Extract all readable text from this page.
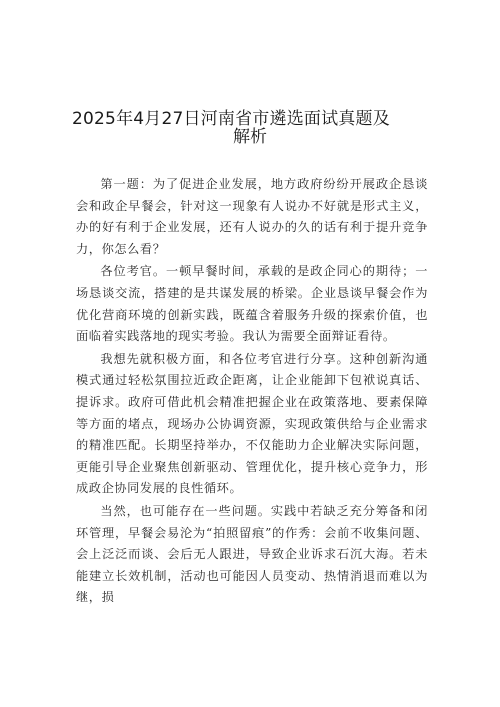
2025年4月27日河南省市遴选面试真题及
解析

第一题：为了促进企业发展，地方政府纷纷开展政企恳谈会和政企早餐会，针对这一现象有人说办不好就是形式主义，办的好有利于企业发展，还有人说办的久的话有利于提升竞争力，你怎么看？

各位考官。一顿早餐时间，承载的是政企同心的期待；一场恳谈交流，搭建的是共谋发展的桥梁。企业恳谈早餐会作为优化营商环境的创新实践，既蕴含着服务升级的探索价值，也面临着实践落地的现实考验。我认为需要全面辩证看待。

我想先就积极方面，和各位考官进行分享。这种创新沟通模式通过轻松氛围拉近政企距离，让企业能卸下包袱说真话、提诉求。政府可借此机会精准把握企业在政策落地、要素保障等方面的堵点，现场办公协调资源，实现政策供给与企业需求的精准匹配。长期坚持举办，不仅能助力企业解决实际问题，更能引导企业聚焦创新驱动、管理优化，提升核心竞争力，形成政企协同发展的良性循环。

当然，也可能存在一些问题。实践中若缺乏充分筹备和闭环管理，早餐会易沦为“拍照留痕”的作秀：会前不收集问题、会上泛泛而谈、会后无人跟进，导致企业诉求石沉大海。若未能建立长效机制，活动也可能因人员变动、热情消退而难以为继，损
